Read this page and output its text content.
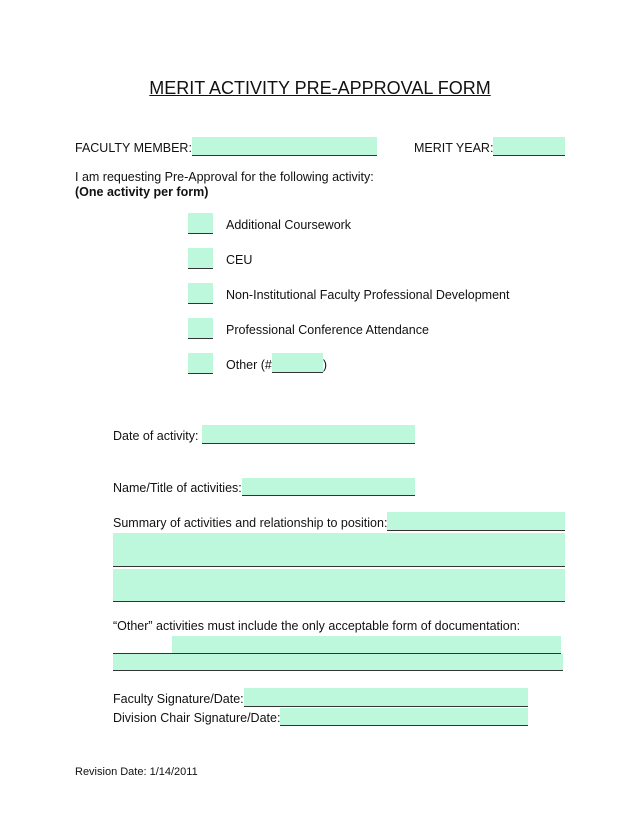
MERIT ACTIVITY PRE-APPROVAL FORM
FACULTY MEMBER:	MERIT YEAR:
I am requesting Pre-Approval for the following activity:
(One activity per form)
Additional Coursework
CEU
Non-Institutional Faculty Professional Development
Professional Conference Attendance
Other (#	)
Date of activity:
Name/Title of activities:
Summary of activities and relationship to position:
“Other” activities must include the only acceptable form of documentation:
Faculty Signature/Date:
Division Chair Signature/Date:
Revision Date: 1/14/2011
